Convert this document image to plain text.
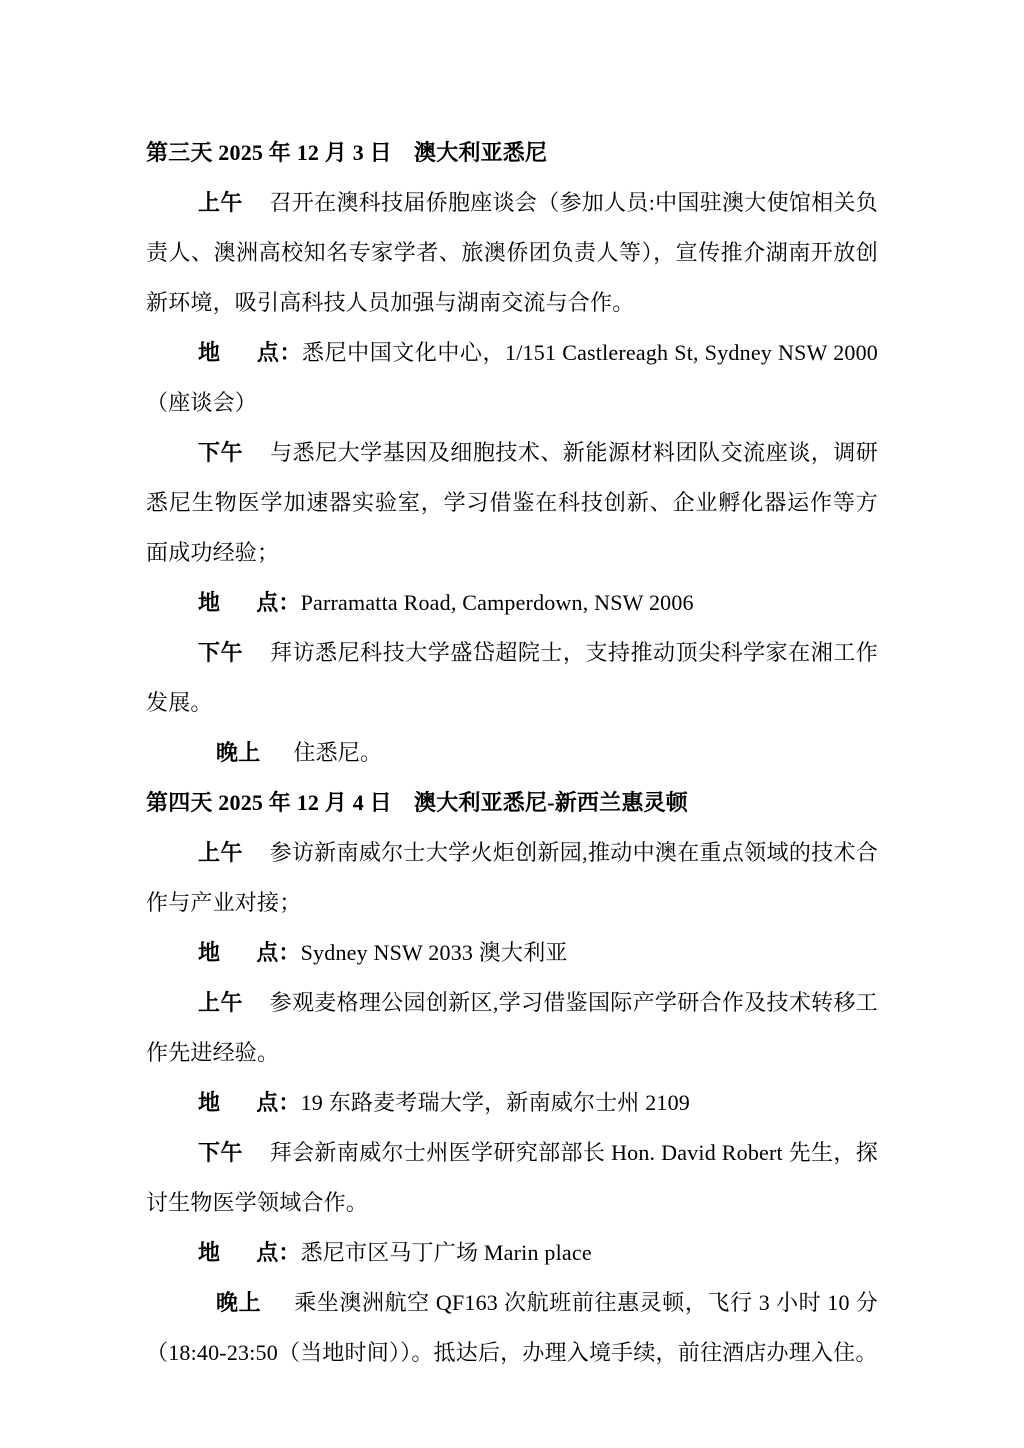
第三天 2025 年 12 月 3 日　澳大利亚悉尼

上午 召开在澳科技届侨胞座谈会（参加人员:中国驻澳大使馆相关负责人、澳洲高校知名专家学者、旅澳侨团负责人等），宣传推介湖南开放创新环境，吸引高科技人员加强与湖南交流与合作。

地 点：悉尼中国文化中心，1/151 Castlereagh St, Sydney NSW 2000（座谈会）

下午 与悉尼大学基因及细胞技术、新能源材料团队交流座谈，调研悉尼生物医学加速器实验室，学习借鉴在科技创新、企业孵化器运作等方面成功经验；

地 点：Parramatta Road, Camperdown, NSW 2006

下午 拜访悉尼科技大学盛岱超院士，支持推动顶尖科学家在湘工作发展。

晚上 住悉尼。

第四天 2025 年 12 月 4 日　澳大利亚悉尼-新西兰惠灵顿

上午 参访新南威尔士大学火炬创新园,推动中澳在重点领域的技术合作与产业对接；

地 点：Sydney NSW 2033 澳大利亚

上午 参观麦格理公园创新区,学习借鉴国际产学研合作及技术转移工作先进经验。

地 点：19 东路麦考瑞大学，新南威尔士州 2109

下午 拜会新南威尔士州医学研究部部长 Hon. David Robert 先生，探讨生物医学领域合作。

地 点：悉尼市区马丁广场 Marin place

晚上 乘坐澳洲航空 QF163 次航班前往惠灵顿，飞行 3 小时 10 分（18:40-23:50（当地时间））。抵达后，办理入境手续，前往酒店办理入住。
